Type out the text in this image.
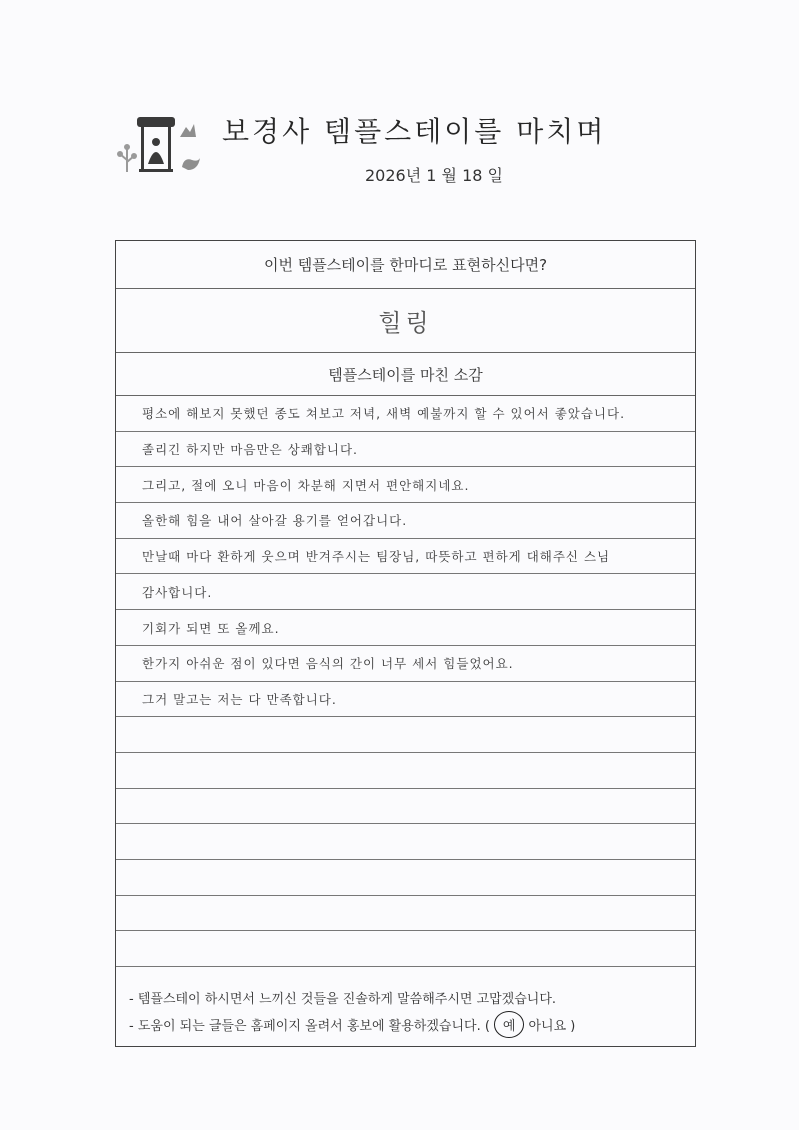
보경사 템플스테이를 마치며
2026년 1 월 18 일
이번 템플스테이를 한마디로 표현하신다면?
힐링
템플스테이를 마친 소감
평소에 해보지 못했던 종도 쳐보고 저녁, 새벽 예불까지 할 수 있어서 좋았습니다.
졸리긴 하지만 마음만은 상쾌합니다.
그리고, 절에 오니 마음이 차분해 지면서 편안해지네요.
올한해 힘을 내어 살아갈 용기를 얻어갑니다.
만날때 마다 환하게 웃으며 반겨주시는 팀장님, 따뜻하고 편하게 대해주신 스님
감사합니다.
기회가 되면 또 올께요.
한가지 아쉬운 점이 있다면 음식의 간이 너무 세서 힘들었어요.
그거 말고는 저는 다 만족합니다.
- 템플스테이 하시면서 느끼신 것들을 진솔하게 말씀해주시면 고맙겠습니다.
- 도움이 되는 글들은 홈페이지 올려서 홍보에 활용하겠습니다. ( 예 아니요 )
